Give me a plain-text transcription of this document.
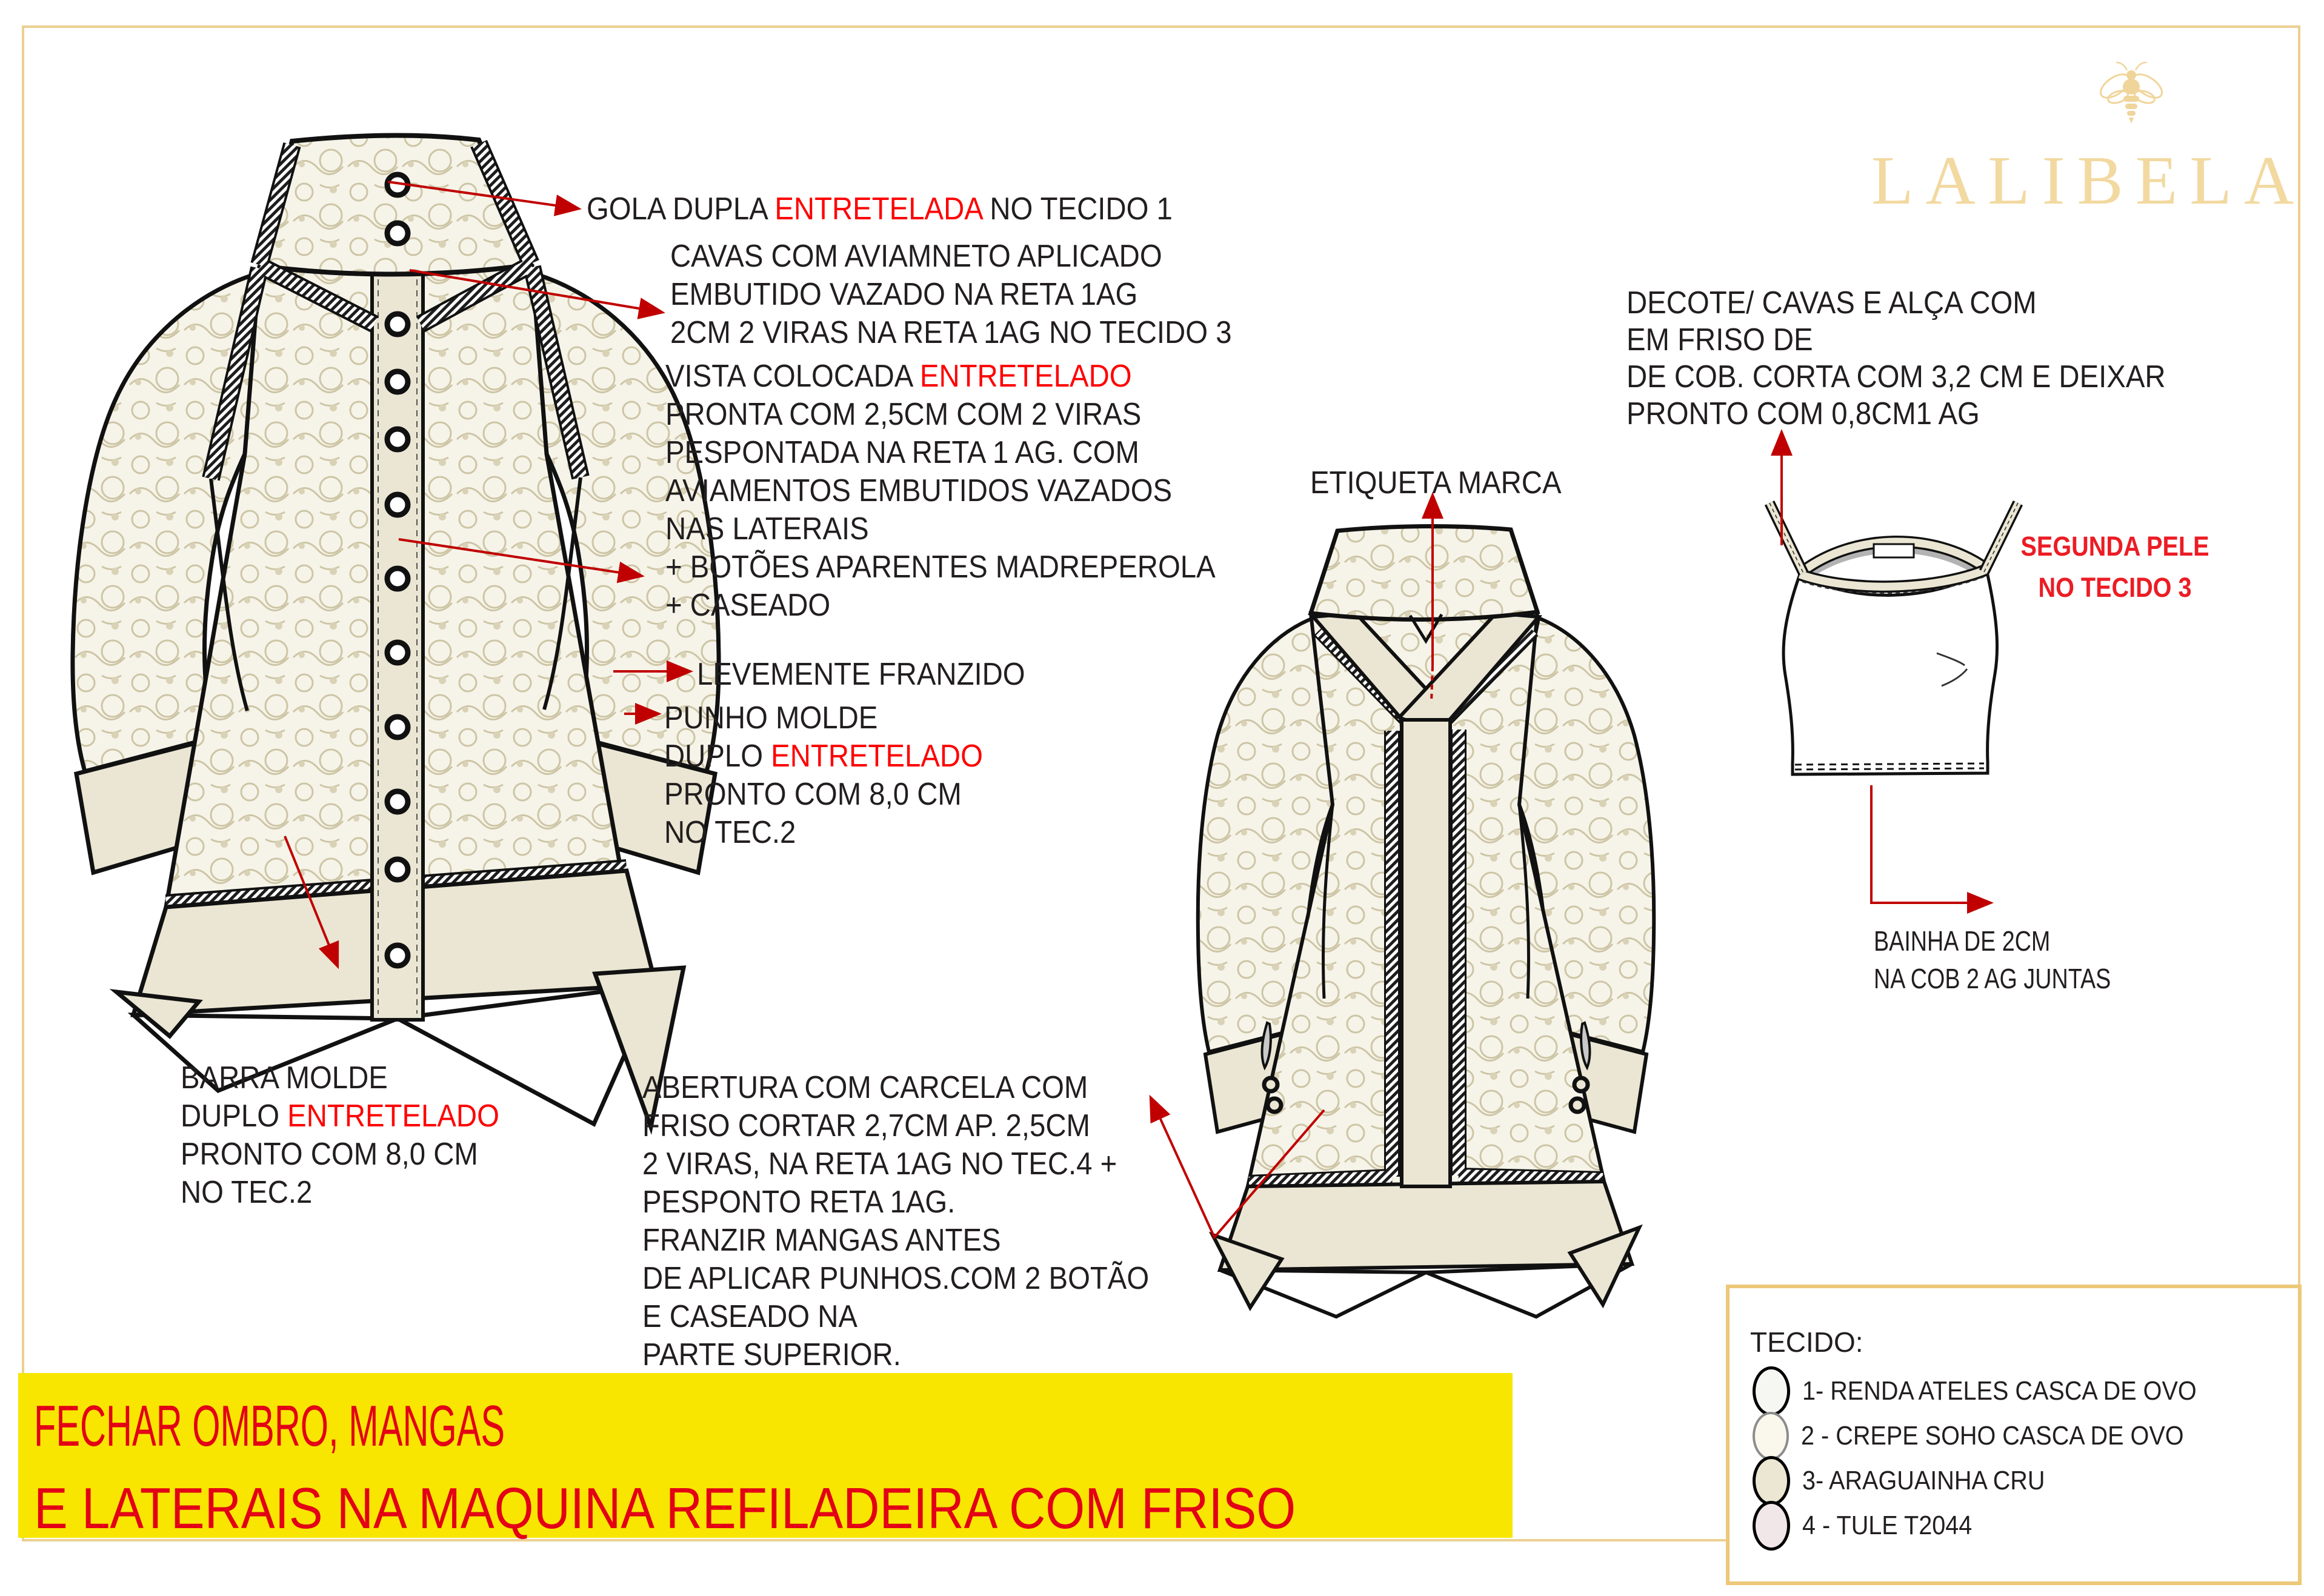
GOLA DUPLA ENTRETELADA NO TECIDO 1
CAVAS COM AVIAMNETO APLICADO
EMBUTIDO VAZADO NA RETA 1AG
2CM 2 VIRAS NA RETA 1AG NO TECIDO 3
VISTA COLOCADA ENTRETELADO
PRONTA COM 2,5CM COM 2 VIRAS
PESPONTADA NA RETA 1 AG. COM
AVIAMENTOS EMBUTIDOS VAZADOS
NAS LATERAIS
+ BOTÕES APARENTES MADREPEROLA
+ CASEADO
LEVEMENTE FRANZIDO
PUNHO MOLDE
DUPLO ENTRETELADO
PRONTO COM 8,0 CM
NO TEC.2
BARRA MOLDE
DUPLO ENTRETELADO
PRONTO COM 8,0 CM
NO TEC.2
ABERTURA COM CARCELA COM
FRISO CORTAR 2,7CM AP. 2,5CM
2 VIRAS, NA RETA 1AG NO TEC.4 +
PESPONTO RETA 1AG.
FRANZIR MANGAS ANTES
DE APLICAR PUNHOS.COM 2 BOTÃO
E CASEADO NA
PARTE SUPERIOR.
ETIQUETA MARCA
DECOTE/ CAVAS E ALÇA COM
EM FRISO DE
DE COB. CORTA COM 3,2 CM E DEIXAR
PRONTO COM 0,8CM1 AG
SEGUNDA PELE
NO TECIDO 3
BAINHA DE 2CM
NA COB 2 AG JUNTAS
LALIBELA
FECHAR OMBRO, MANGAS
E LATERAIS NA MAQUINA REFILADEIRA COM FRISO
TECIDO:
1- RENDA ATELES CASCA DE OVO
2 - CREPE SOHO CASCA DE OVO
3- ARAGUAINHA CRU
4 - TULE T2044
